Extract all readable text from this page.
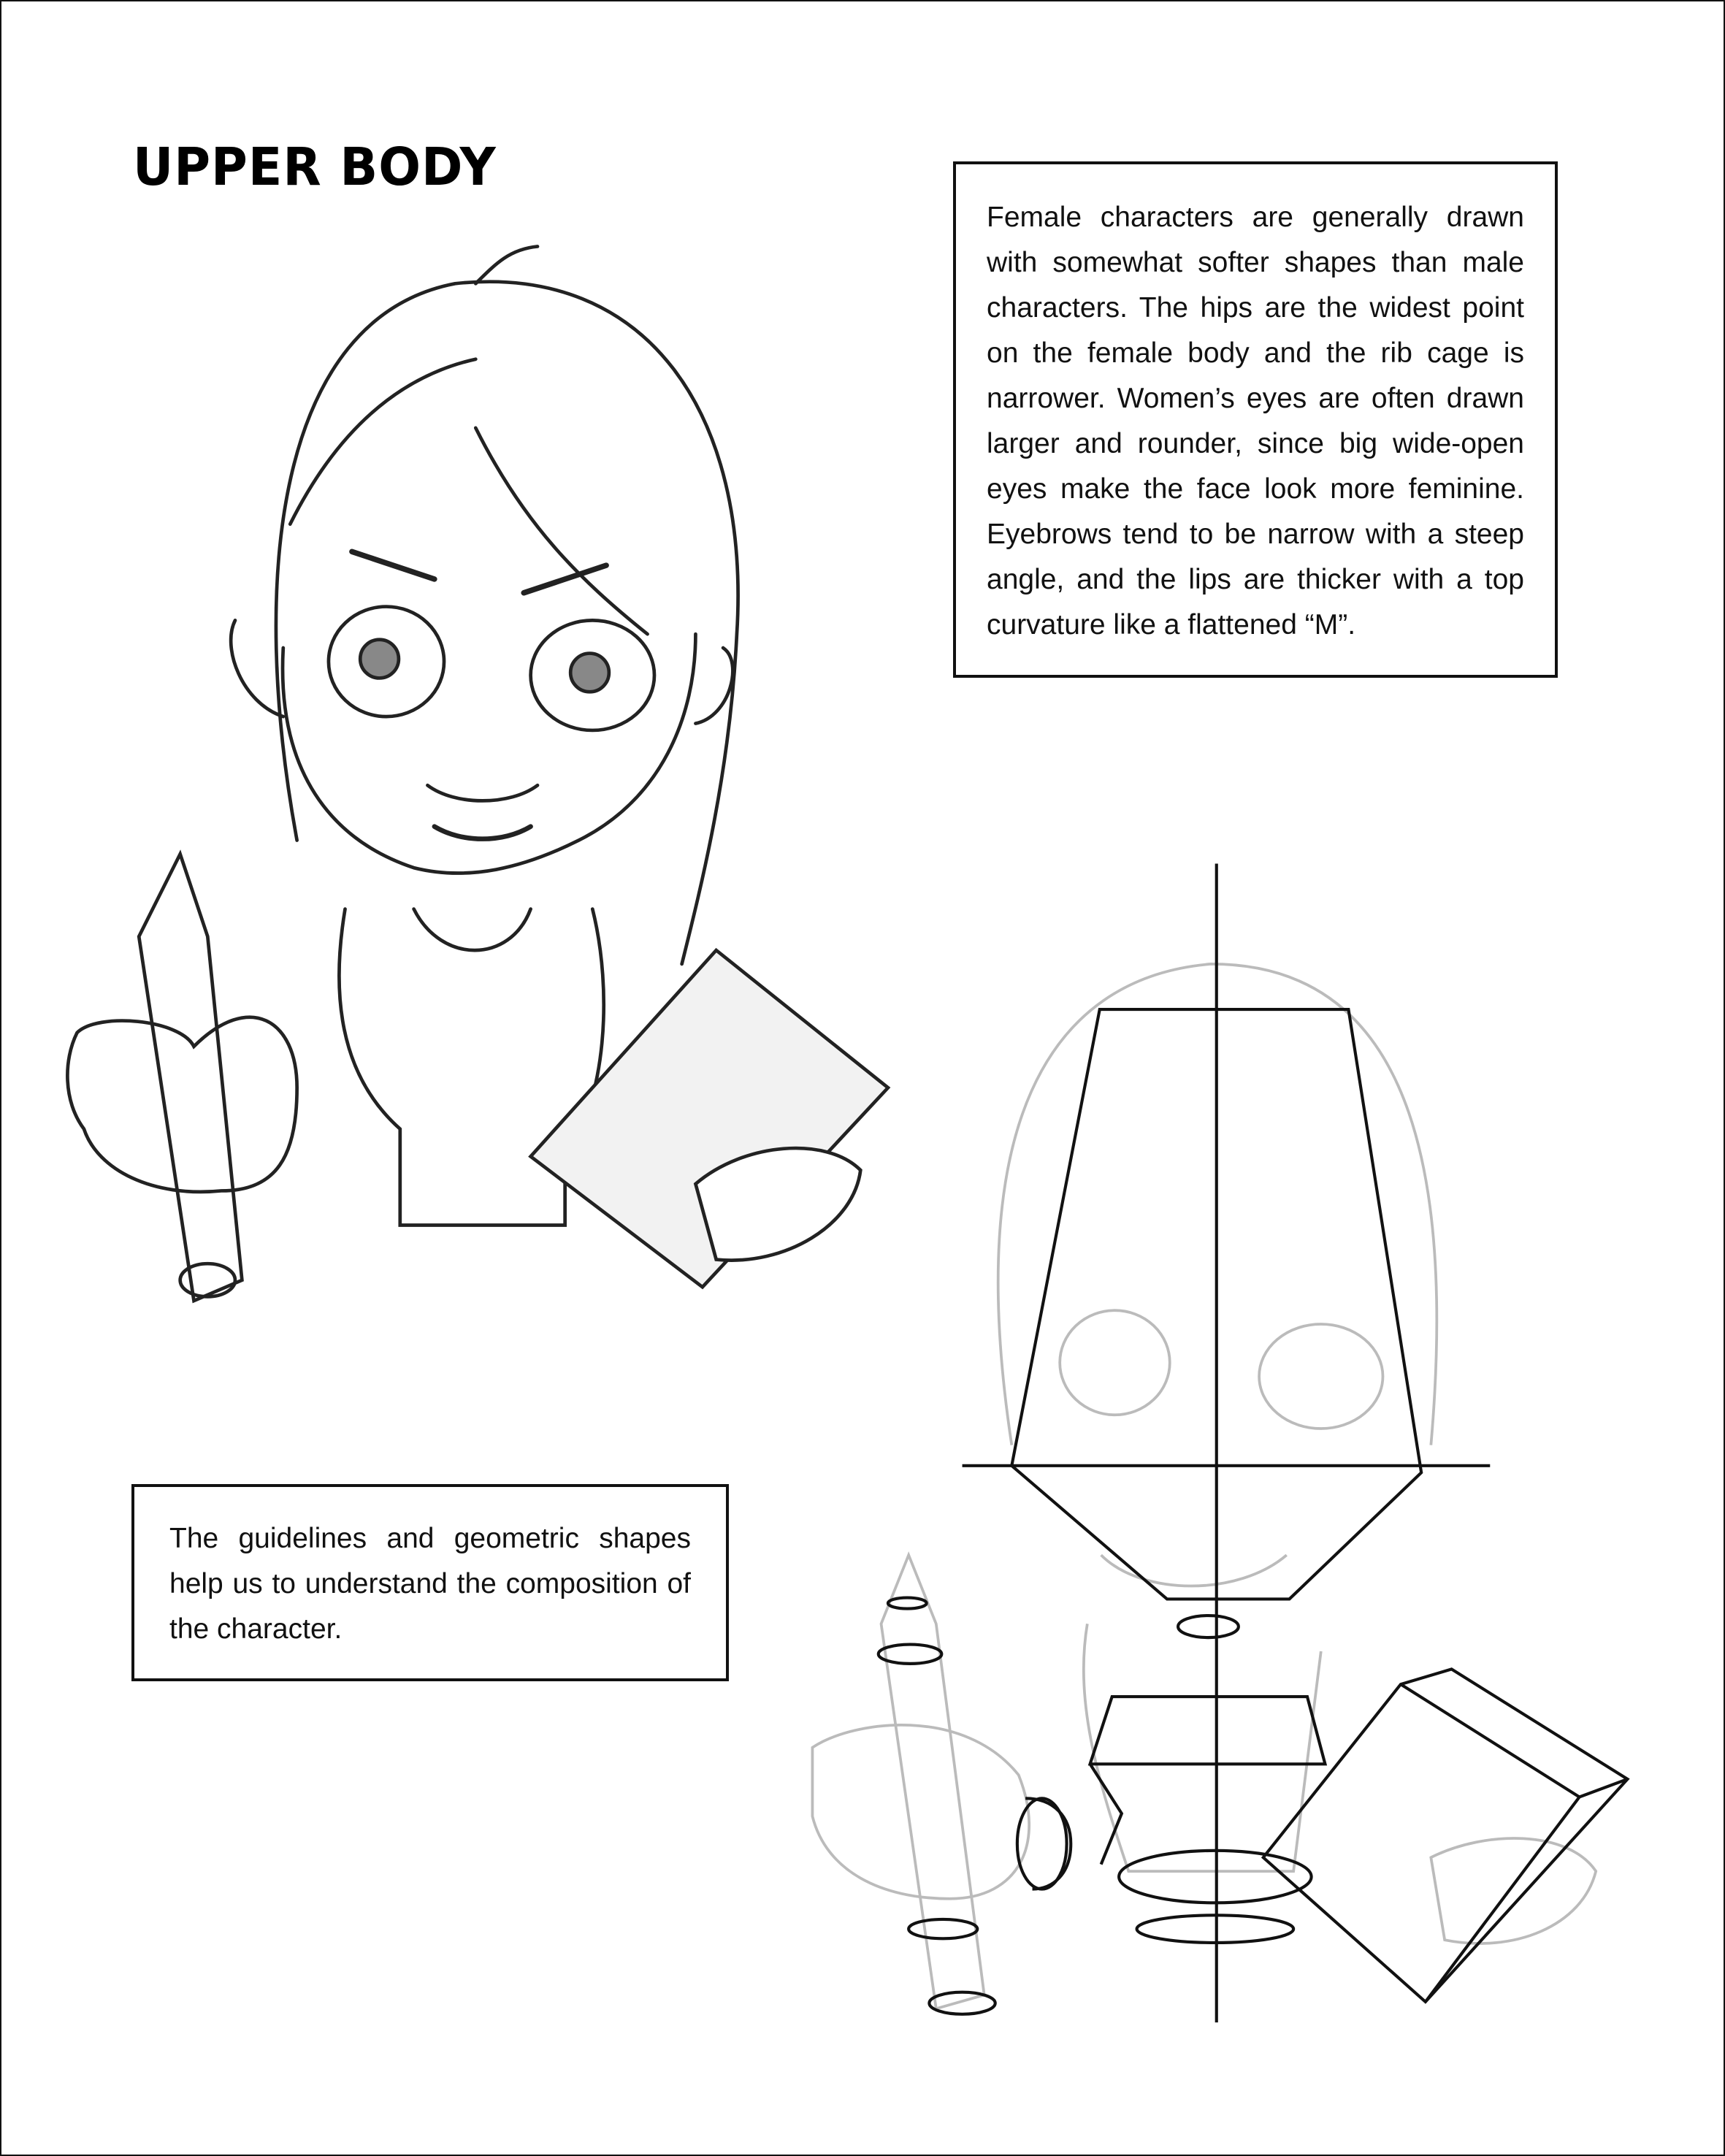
UPPER BODY
Female characters are generally drawn with somewhat softer shapes than male characters. The hips are the widest point on the female body and the rib cage is narrower. Women’s eyes are often drawn larger and rounder, since big wide-open eyes make the face look more feminine. Eyebrows tend to be narrow with a steep angle, and the lips are thicker with a top curvature like a flattened “M”.
The guidelines and geometric shapes help us to understand the composition of the character.
